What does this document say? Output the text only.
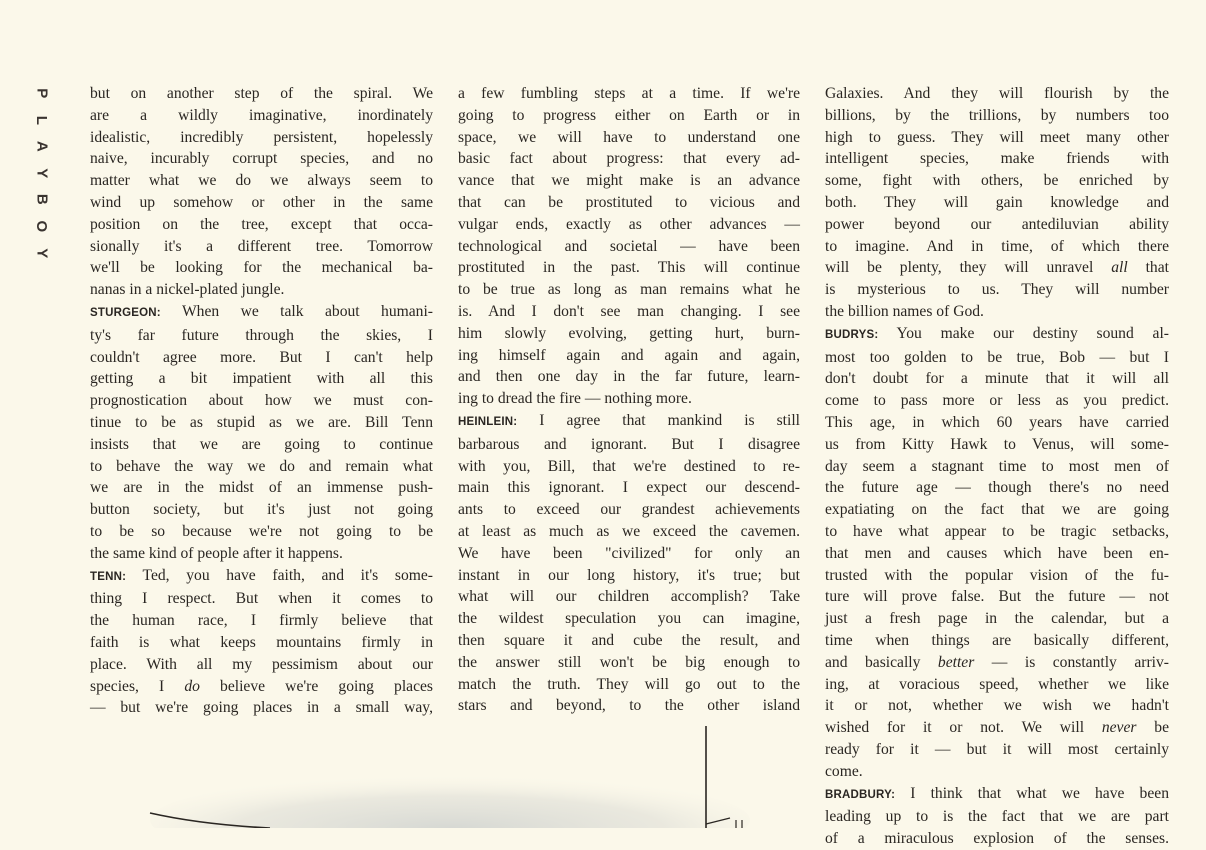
P
L
A
Y
B
O
Y
but on another step of the spiral. We
are a wildly imaginative, inordinately
idealistic, incredibly persistent, hopelessly
naive, incurably corrupt species, and no
matter what we do we always seem to
wind up somehow or other in the same
position on the tree, except that occa-
sionally it's a different tree. Tomorrow
we'll be looking for the mechanical ba-
nanas in a nickel-plated jungle.
STURGEON: When we talk about humani-
ty's far future through the skies, I
couldn't agree more. But I can't help
getting a bit impatient with all this
prognostication about how we must con-
tinue to be as stupid as we are. Bill Tenn
insists that we are going to continue
to behave the way we do and remain what
we are in the midst of an immense push-
button society, but it's just not going
to be so because we're not going to be
the same kind of people after it happens.
TENN: Ted, you have faith, and it's some-
thing I respect. But when it comes to
the human race, I firmly believe that
faith is what keeps mountains firmly in
place. With all my pessimism about our
species, I do believe we're going places
— but we're going places in a small way,
a few fumbling steps at a time. If we're
going to progress either on Earth or in
space, we will have to understand one
basic fact about progress: that every ad-
vance that we might make is an advance
that can be prostituted to vicious and
vulgar ends, exactly as other advances —
technological and societal — have been
prostituted in the past. This will continue
to be true as long as man remains what he
is. And I don't see man changing. I see
him slowly evolving, getting hurt, burn-
ing himself again and again and again,
and then one day in the far future, learn-
ing to dread the fire — nothing more.
HEINLEIN: I agree that mankind is still
barbarous and ignorant. But I disagree
with you, Bill, that we're destined to re-
main this ignorant. I expect our descend-
ants to exceed our grandest achievements
at least as much as we exceed the cavemen.
We have been "civilized" for only an
instant in our long history, it's true; but
what will our children accomplish? Take
the wildest speculation you can imagine,
then square it and cube the result, and
the answer still won't be big enough to
match the truth. They will go out to the
stars and beyond, to the other island
Galaxies. And they will flourish by the
billions, by the trillions, by numbers too
high to guess. They will meet many other
intelligent species, make friends with
some, fight with others, be enriched by
both. They will gain knowledge and
power beyond our antediluvian ability
to imagine. And in time, of which there
will be plenty, they will unravel all that
is mysterious to us. They will number
the billion names of God.
BUDRYS: You make our destiny sound al-
most too golden to be true, Bob — but I
don't doubt for a minute that it will all
come to pass more or less as you predict.
This age, in which 60 years have carried
us from Kitty Hawk to Venus, will some-
day seem a stagnant time to most men of
the future age — though there's no need
expatiating on the fact that we are going
to have what appear to be tragic setbacks,
that men and causes which have been en-
trusted with the popular vision of the fu-
ture will prove false. But the future — not
just a fresh page in the calendar, but a
time when things are basically different,
and basically better — is constantly arriv-
ing, at voracious speed, whether we like
it or not, whether we wish we hadn't
wished for it or not. We will never be
ready for it — but it will most certainly
come.
BRADBURY: I think that what we have been
leading up to is the fact that we are part
of a miraculous explosion of the senses.
